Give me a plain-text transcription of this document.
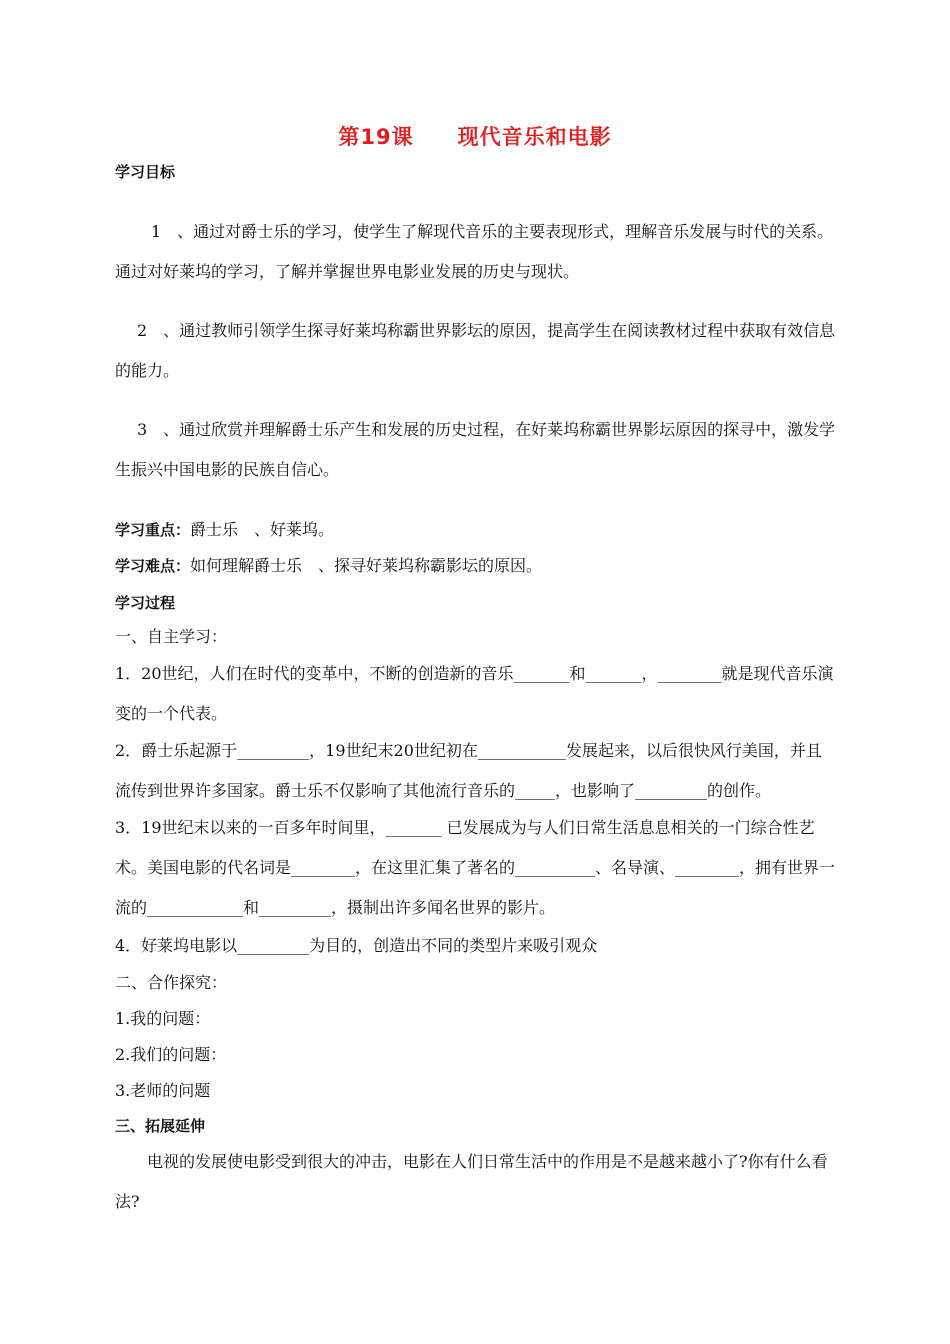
第19课 现代音乐和电影
学习目标
1　、通过对爵士乐的学习，使学生了解现代音乐的主要表现形式，理解音乐发展与时代的关系。通过对好莱坞的学习，了解并掌握世界电影业发展的历史与现状。
2　、通过教师引领学生探寻好莱坞称霸世界影坛的原因，提高学生在阅读教材过程中获取有效信息的能力。
3　、通过欣赏并理解爵士乐产生和发展的历史过程，在好莱坞称霸世界影坛原因的探寻中，激发学生振兴中国电影的民族自信心。
学习重点：爵士乐　、好莱坞。
学习难点：如何理解爵士乐　、探寻好莱坞称霸影坛的原因。
学习过程
一、自主学习：
1．20世纪，人们在时代的变革中，不断的创造新的音乐_______和_______，________就是现代音乐演变的一个代表。
2．爵士乐起源于_________，19世纪末20世纪初在___________发展起来，以后很快风行美国，并且流传到世界许多国家。爵士乐不仅影响了其他流行音乐的_____，也影响了_________的创作。
3．19世纪末以来的一百多年时间里，_______ 已发展成为与人们日常生活息息相关的一门综合性艺术。美国电影的代名词是________，在这里汇集了著名的__________、名导演、________，拥有世界一流的____________和_________，摄制出许多闻名世界的影片。
4．好莱坞电影以_________为目的，创造出不同的类型片来吸引观众
二、合作探究：
1.我的问题：
2.我们的问题：
3.老师的问题
三、拓展延伸
电视的发展使电影受到很大的冲击，电影在人们日常生活中的作用是不是越来越小了?你有什么看法?
